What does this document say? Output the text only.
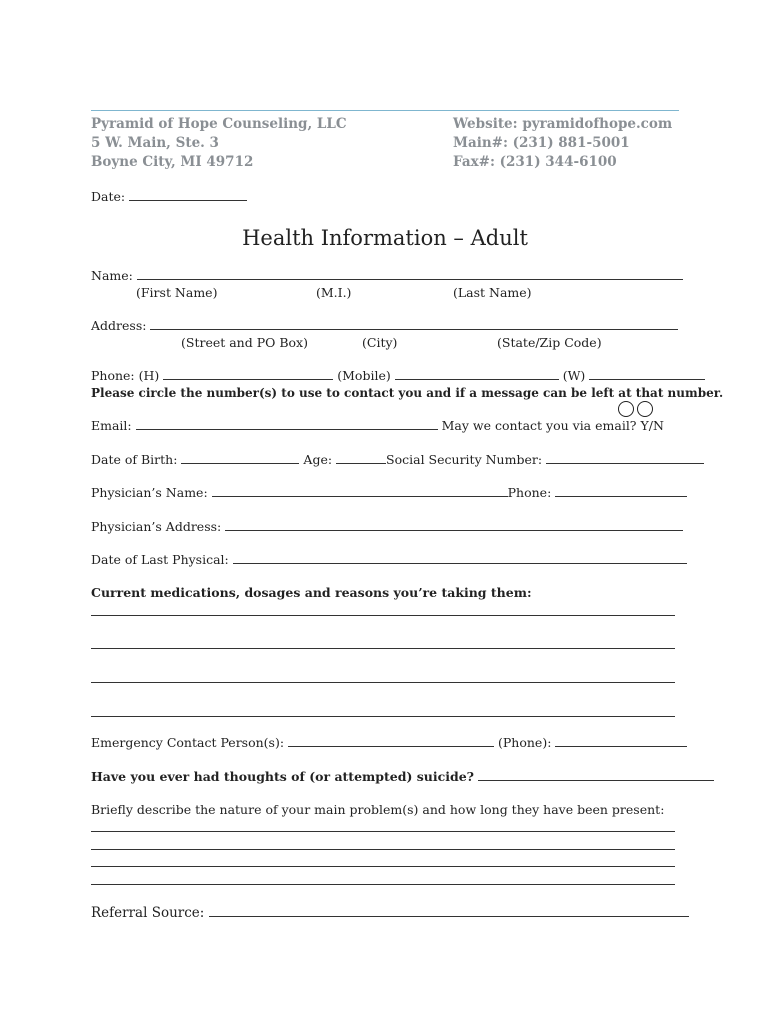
Pyramid of Hope Counseling, LLC
5 W. Main, Ste. 3
Boyne City, MI 49712
Website: pyramidofhope.com
Main#: (231) 881-5001
Fax#: (231) 344-6100
Date:
Health Information – Adult
Name:
(First Name)	(M.I.)	(Last Name)
Address:
(Street and PO Box)	(City)	(State/Zip Code)
Phone: (H)	(Mobile)	(W)
Please circle the number(s) to use to contact you and if a message can be left at that number.
Email:	May we contact you via email? Y/N
Date of Birth:	Age:	Social Security Number:
Physician’s Name:	Phone:
Physician’s Address:
Date of Last Physical:
Current medications, dosages and reasons you’re taking them:
Emergency Contact Person(s):	(Phone):
Have you ever had thoughts of (or attempted) suicide?
Briefly describe the nature of your main problem(s) and how long they have been present:
Referral Source:
